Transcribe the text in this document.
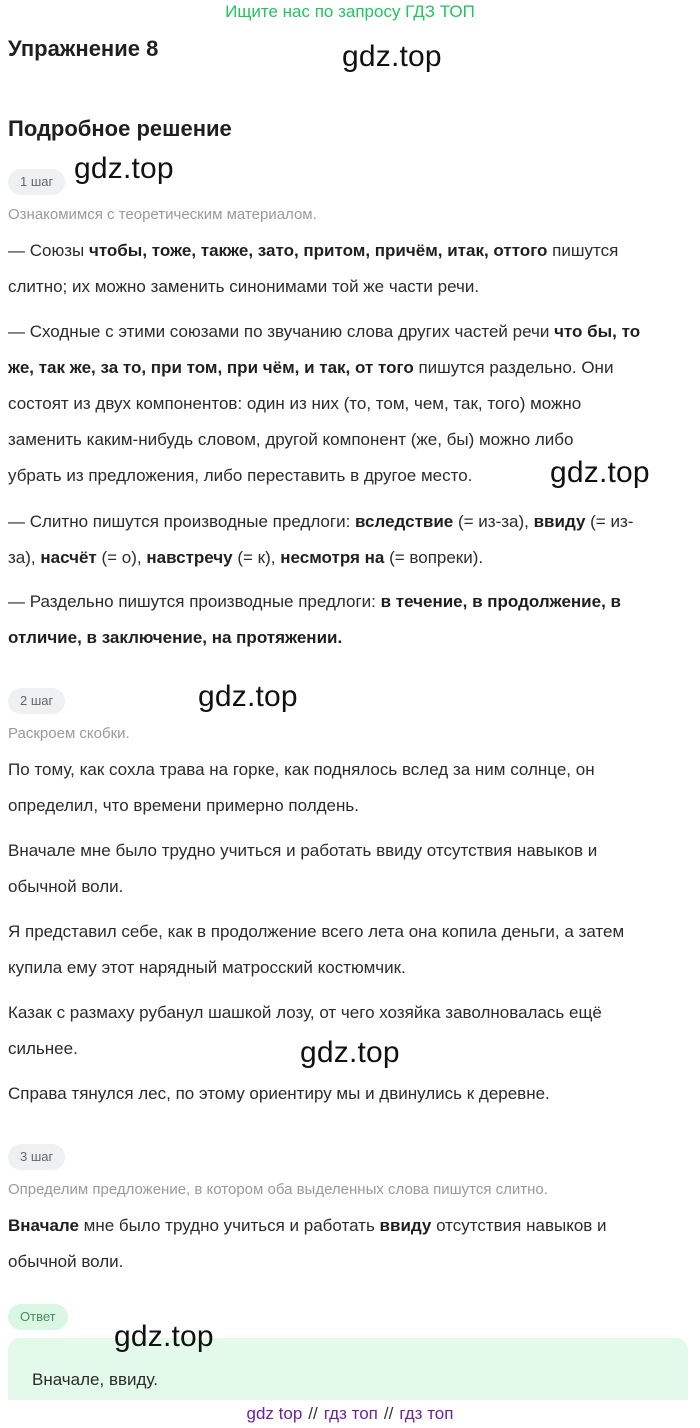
Ищите нас по запросу ГДЗ ТОП
Упражнение 8	gdz.top
Подробное решение
1 шаг gdz.top
Ознакомимся с теоретическим материалом.
— Союзы чтобы, тоже, также, зато, притом, причём, итак, оттого пишутся
слитно; их можно заменить синонимами той же части речи.
— Сходные с этими союзами по звучанию слова других частей речи что бы, то
же, так же, за то, при том, при чём, и так, от того пишутся раздельно. Они
состоят из двух компонентов: один из них (то, том, чем, так, того) можно
заменить каким-нибудь словом, другой компонент (же, бы) можно либо
убрать из предложения, либо переставить в другое место.	gdz.top
— Слитно пишутся производные предлоги: вследствие (= из-за), ввиду (= из-
за), насчёт (= о), навстречу (= к), несмотря на (= вопреки).
— Раздельно пишутся производные предлоги: в течение, в продолжение, в
отличие, в заключение, на протяжении.
2 шаг	gdz.top
Раскроем скобки.
По тому, как сохла трава на горке, как поднялось вслед за ним солнце, он
определил, что времени примерно полдень.
Вначале мне было трудно учиться и работать ввиду отсутствия навыков и
обычной воли.
Я представил себе, как в продолжение всего лета она копила деньги, а затем
купила ему этот нарядный матросский костюмчик.
Казак с размаху рубанул шашкой лозу, от чего хозяйка заволновалась ещё
сильнее.	gdz.top
Справа тянулся лес, по этому ориентиру мы и двинулись к деревне.
3 шаг
Определим предложение, в котором оба выделенных слова пишутся слитно.
Вначале мне было трудно учиться и работать ввиду отсутствия навыков и
обычной воли.
Ответ
gdz.top
Вначале, ввиду.
gdz top // гдз топ // гдз топ
